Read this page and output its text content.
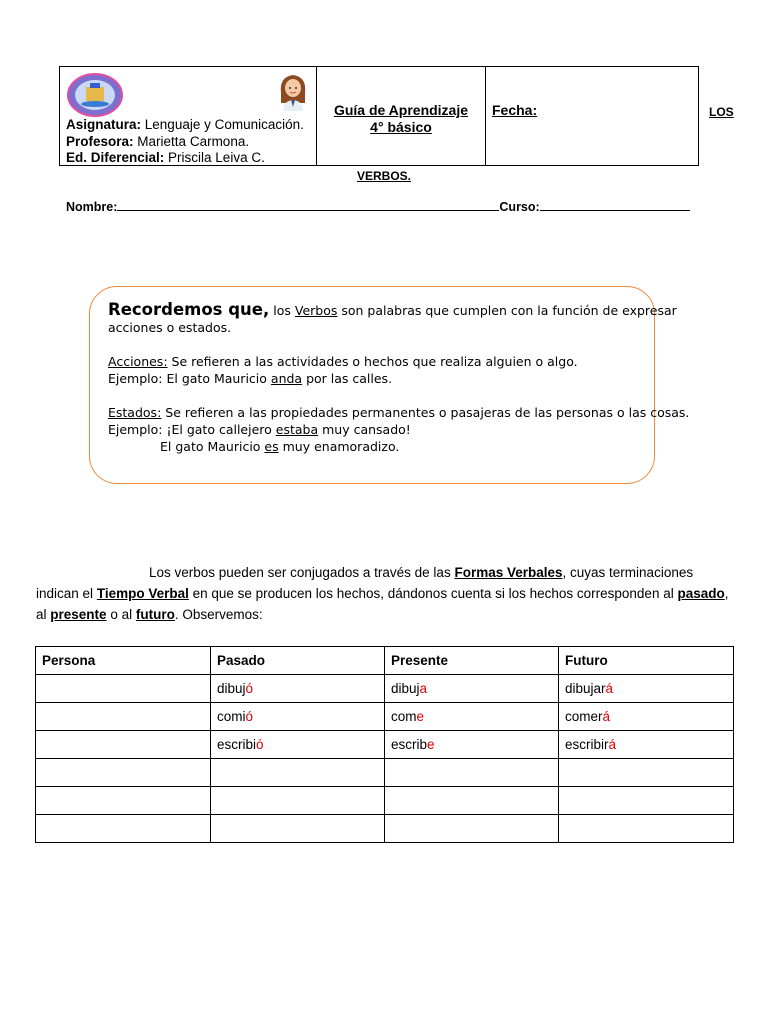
Asignatura: Lenguaje y Comunicación.
Profesora: Marietta Carmona.
Ed. Diferencial: Priscila Leiva C.
Guía de Aprendizaje
4° básico
Fecha:	LOS
VERBOS.
Nombre:	Curso:

Recordemos que, los Verbos son palabras que cumplen con la función de expresar

acciones o estados.

Acciones: Se refieren a las actividades o hechos que realiza alguien o algo.

Ejemplo: El gato Mauricio anda por las calles.

Estados: Se refieren a las propiedades permanentes o pasajeras de las personas o las cosas.

Ejemplo: ¡El gato callejero estaba muy cansado!

El gato Mauricio es muy enamoradizo.

Los verbos pueden ser conjugados a través de las Formas Verbales, cuyas terminaciones

indican el Tiempo Verbal en que se producen los hechos, dándonos cuenta si los hechos corresponden al pasado,

al presente o al futuro. Observemos:

Persona	Pasado	Presente	Futuro
	dibujó	dibuja	dibujará
	comió	come	comerá
	escribió	escribe	escribirá
